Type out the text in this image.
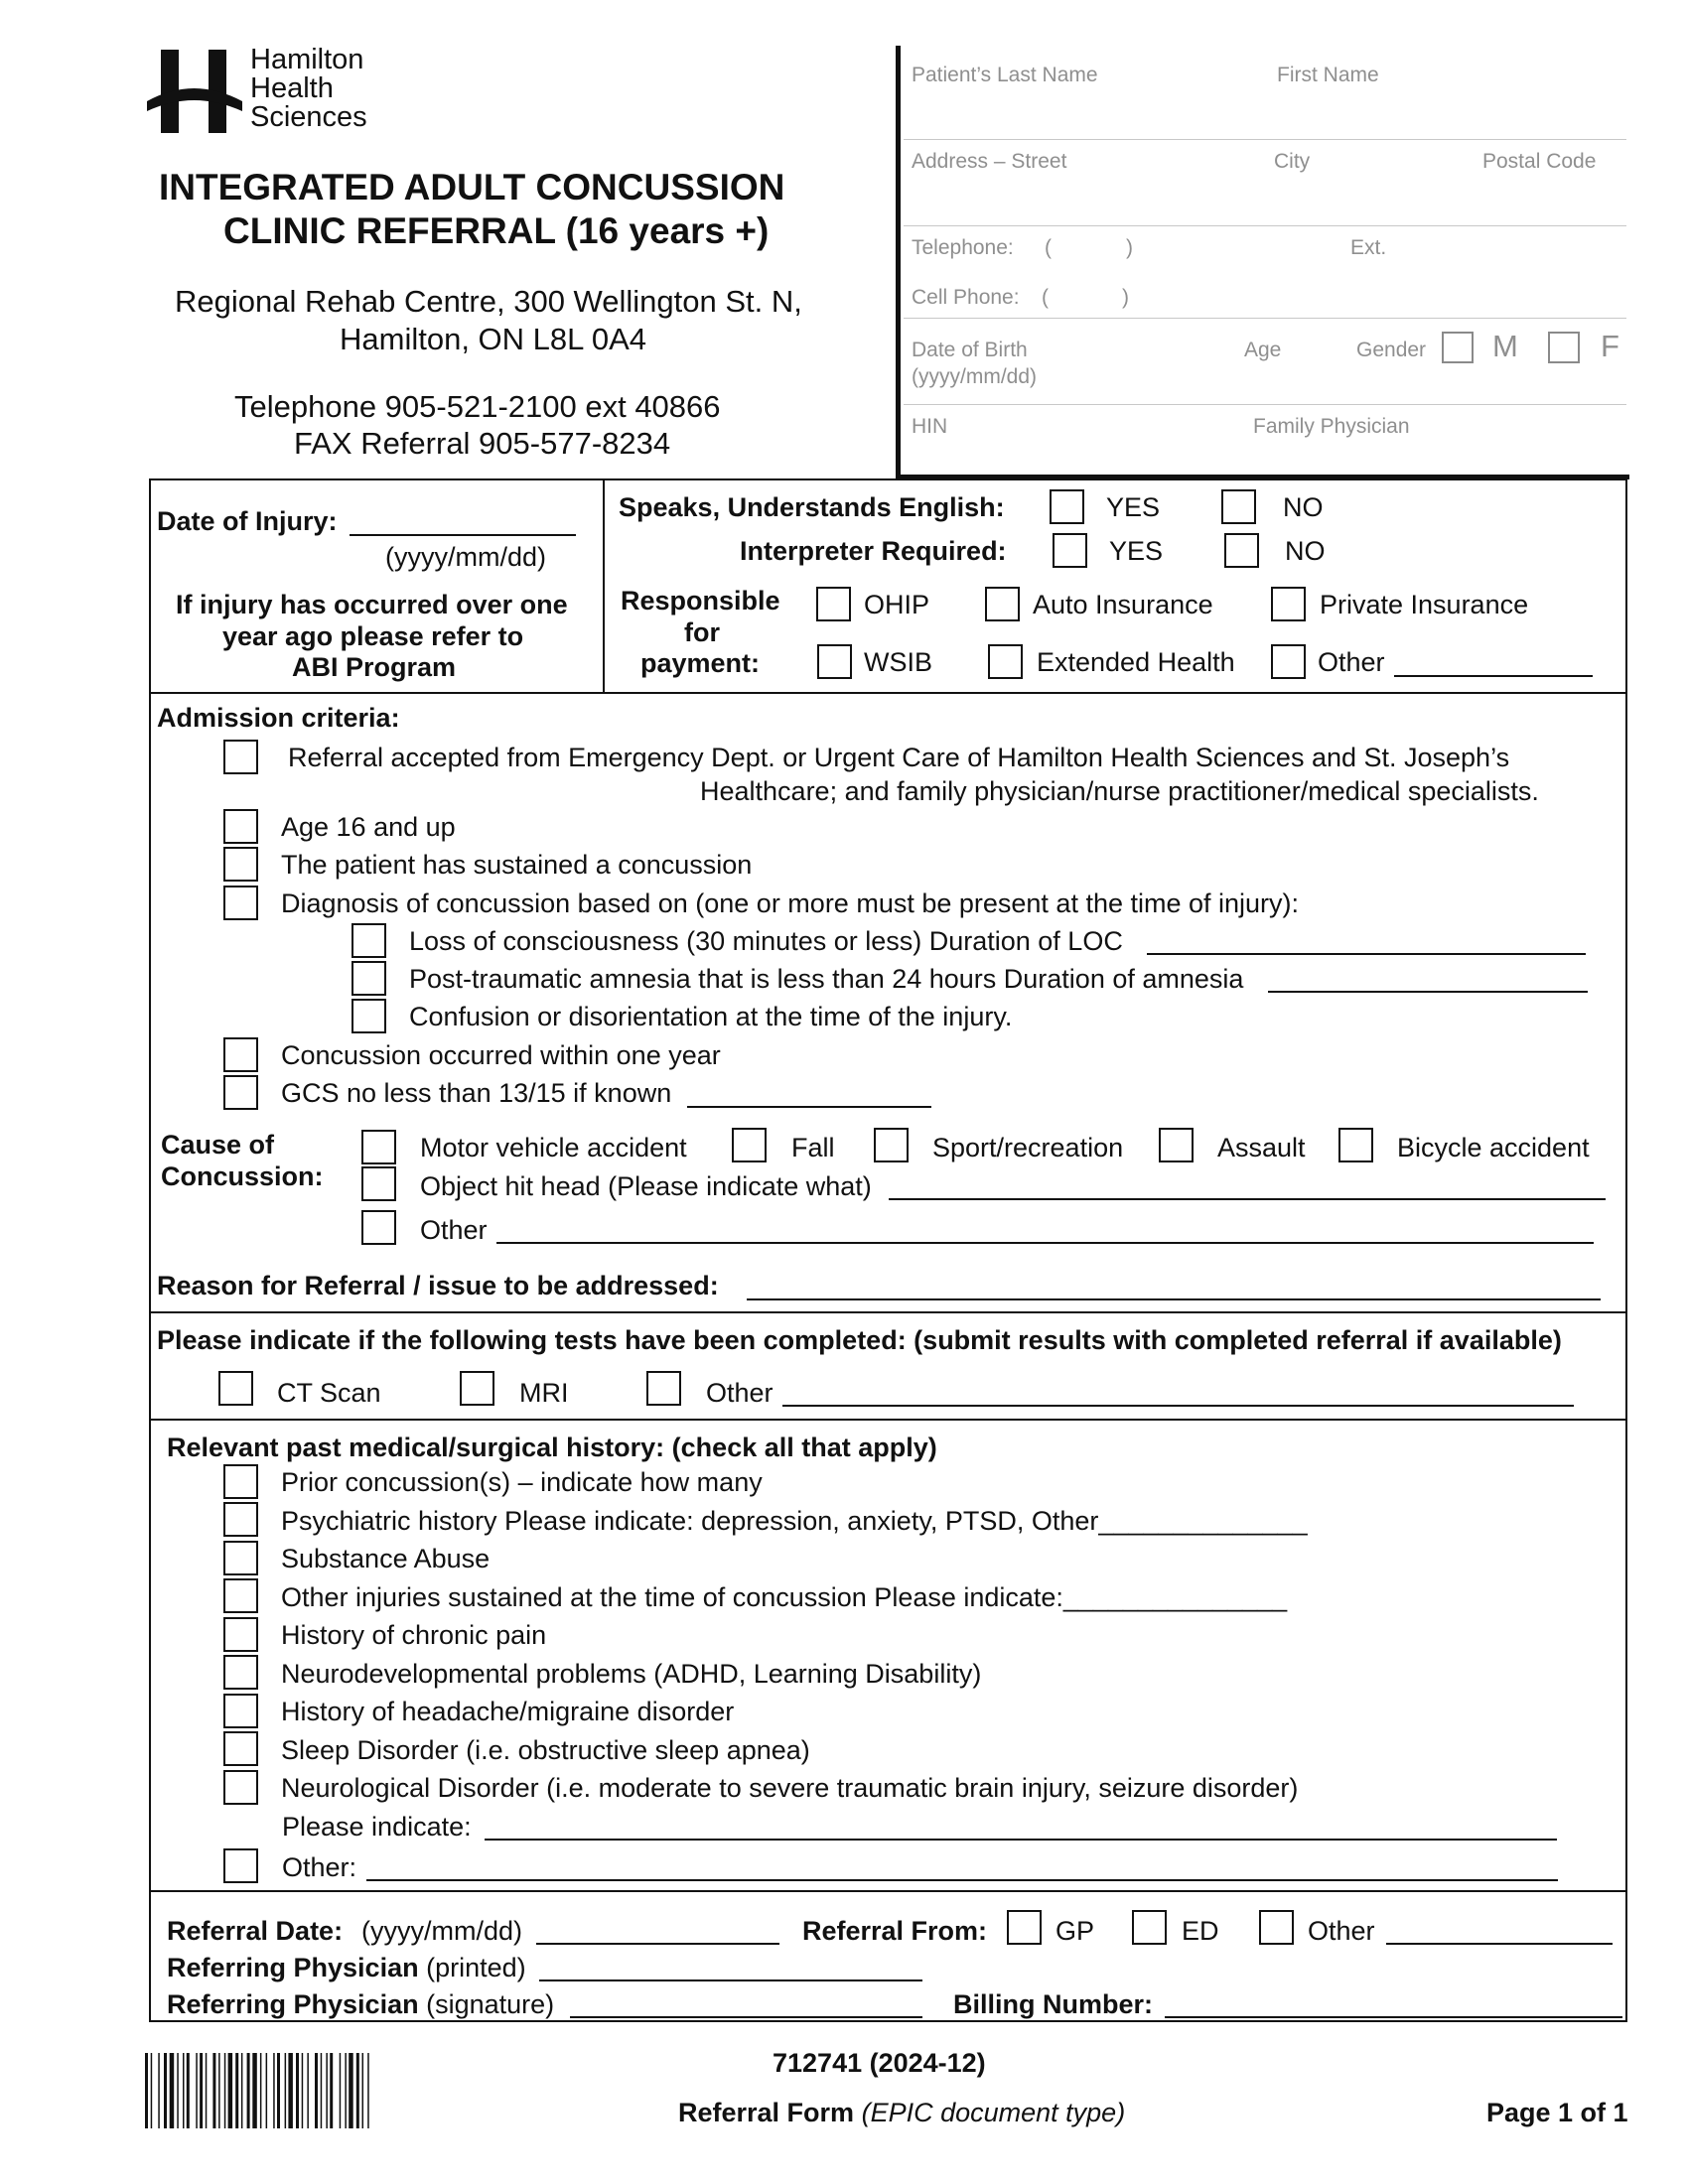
Hamilton
Health
Sciences
INTEGRATED ADULT CONCUSSION
CLINIC REFERRAL (16 years +)
Regional Rehab Centre, 300 Wellington St. N,
Hamilton, ON L8L 0A4
Telephone 905-521-2100 ext 40866
FAX Referral 905-577-8234
Patient’s Last Name	First Name
Address – Street	City	Postal Code
Telephone: (	)	Ext.
Cell Phone: (	)
Date of Birth
(yyyy/mm/dd)
Age	Gender M	F
HIN	Family Physician
Date of Injury:
(yyyy/mm/dd)
If injury has occurred over one
year ago please refer to
ABI Program
Speaks, Understands English:	YES	NO
Interpreter Required:	YES	NO
Responsible
for
payment:
OHIP	Auto Insurance	Private Insurance
WSIB	Extended Health	Other
Admission criteria:
Referral accepted from Emergency Dept. or Urgent Care of Hamilton Health Sciences and St. Joseph’s
Healthcare; and family physician/nurse practitioner/medical specialists.
Age 16 and up
The patient has sustained a concussion
Diagnosis of concussion based on (one or more must be present at the time of injury):
Loss of consciousness (30 minutes or less) Duration of LOC
Post-traumatic amnesia that is less than 24 hours Duration of amnesia
Confusion or disorientation at the time of the injury.
Concussion occurred within one year
GCS no less than 13/15 if known
Cause of
Concussion:
Motor vehicle accident	Fall	Sport/recreation	Assault	Bicycle accident
Object hit head (Please indicate what)
Other
Reason for Referral / issue to be addressed:
Please indicate if the following tests have been completed: (submit results with completed referral if available)
CT Scan	MRI	Other
Relevant past medical/surgical history: (check all that apply)
Prior concussion(s) – indicate how many
Psychiatric history Please indicate: depression, anxiety, PTSD, Other______________
Substance Abuse
Other injuries sustained at the time of concussion Please indicate:_______________
History of chronic pain
Neurodevelopmental problems (ADHD, Learning Disability)
History of headache/migraine disorder
Sleep Disorder (i.e. obstructive sleep apnea)
Neurological Disorder (i.e. moderate to severe traumatic brain injury, seizure disorder)
Please indicate:
Other:
Referral Date: (yyyy/mm/dd)	Referral From:	GP	ED	Other
Referring Physician (printed)
Referring Physician (signature)	Billing Number:
712741 (2024-12)
Referral Form (EPIC document type)	Page 1 of 1
